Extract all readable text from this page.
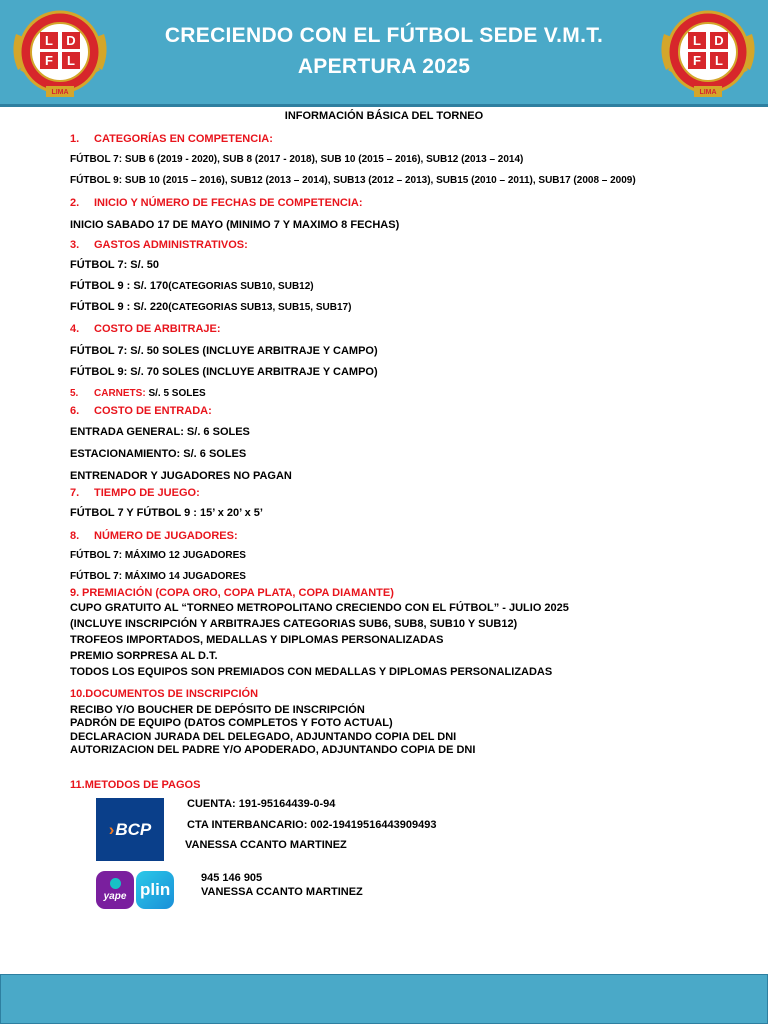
L D
F L
LIMA
CRECIENDO CON EL FÚTBOL SEDE V.M.T.
APERTURA 2025
L D
F L
LIMA
INFORMACIÓN BÁSICA DEL TORNEO
1. CATEGORÍAS EN COMPETENCIA:
FÚTBOL 7: SUB 6 (2019 - 2020), SUB 8 (2017 - 2018), SUB 10 (2015 – 2016), SUB12 (2013 – 2014)
FÚTBOL 9: SUB 10 (2015 – 2016), SUB12 (2013 – 2014), SUB13 (2012 – 2013), SUB15 (2010 – 2011), SUB17 (2008 – 2009)
2. INICIO Y NÚMERO DE FECHAS DE COMPETENCIA:
INICIO SABADO 17 DE MAYO (MINIMO 7 Y MAXIMO 8 FECHAS)
3. GASTOS ADMINISTRATIVOS:
FÚTBOL 7: S/. 50
FÚTBOL 9 : S/. 170(CATEGORIAS SUB10, SUB12)
FÚTBOL 9 : S/. 220(CATEGORIAS SUB13, SUB15, SUB17)
4. COSTO DE ARBITRAJE:
FÚTBOL 7: S/. 50 SOLES (INCLUYE ARBITRAJE Y CAMPO)
FÚTBOL 9: S/. 70 SOLES (INCLUYE ARBITRAJE Y CAMPO)
5. CARNETS: S/. 5 SOLES
6. COSTO DE ENTRADA:
ENTRADA GENERAL: S/. 6 SOLES
ESTACIONAMIENTO: S/. 6 SOLES
ENTRENADOR Y JUGADORES NO PAGAN
7. TIEMPO DE JUEGO:
FÚTBOL 7 Y FÚTBOL 9 : 15’ x 20’ x 5’
8. NÚMERO DE JUGADORES:
FÚTBOL 7: MÁXIMO 12 JUGADORES
FÚTBOL 7: MÁXIMO 14 JUGADORES
9. PREMIACIÓN (COPA ORO, COPA PLATA, COPA DIAMANTE)
CUPO GRATUITO AL “TORNEO METROPOLITANO CRECIENDO CON EL FÚTBOL” - JULIO 2025
(INCLUYE INSCRIPCIÓN Y ARBITRAJES CATEGORIAS SUB6, SUB8, SUB10 Y SUB12)
TROFEOS IMPORTADOS, MEDALLAS Y DIPLOMAS PERSONALIZADAS
PREMIO SORPRESA AL D.T.
TODOS LOS EQUIPOS SON PREMIADOS CON MEDALLAS Y DIPLOMAS PERSONALIZADAS
10.DOCUMENTOS DE INSCRIPCIÓN
RECIBO Y/O BOUCHER DE DEPÓSITO DE INSCRIPCIÓN
PADRÓN DE EQUIPO (DATOS COMPLETOS Y FOTO ACTUAL)
DECLARACION JURADA DEL DELEGADO, ADJUNTANDO COPIA DEL DNI
AUTORIZACION DEL PADRE Y/O APODERADO, ADJUNTANDO COPIA DE DNI
11.METODOS DE PAGOS
›BCP
CUENTA: 191-95164439-0-94
CTA INTERBANCARIO: 002-19419516443909493
VANESSA CCANTO MARTINEZ
yape plin
945 146 905
VANESSA CCANTO MARTINEZ
